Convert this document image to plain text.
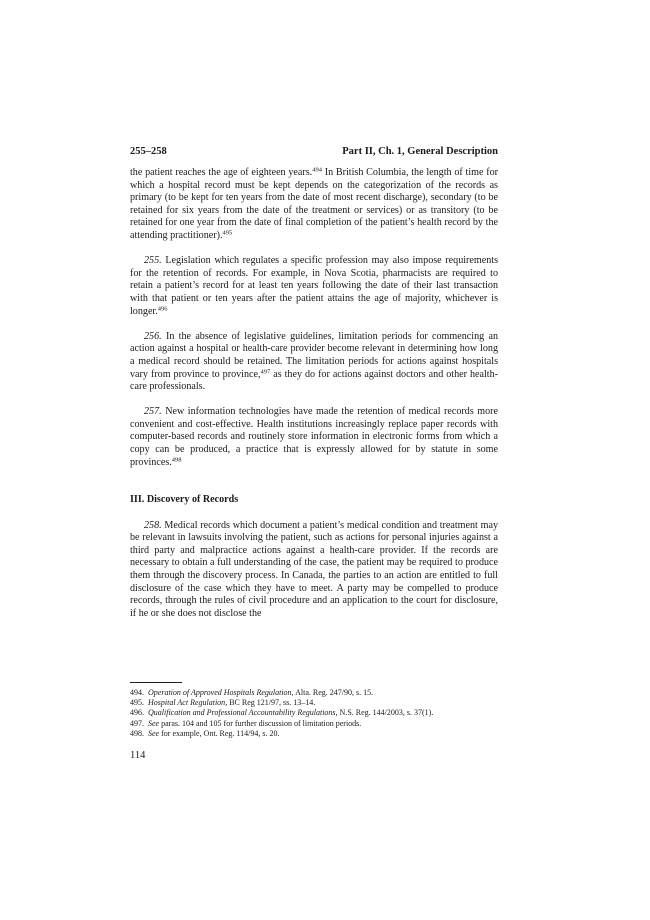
255–258	Part II, Ch. 1, General Description

the patient reaches the age of eighteen years.$^{494}$ In British Columbia, the length of time for which a hospital record must be kept depends on the categorization of the records as primary (to be kept for ten years from the date of most recent discharge), secondary (to be retained for six years from the date of the treatment or services) or as transitory (to be retained for one year from the date of final completion of the patient’s health record by the attending practitioner).$^{495}$

255. Legislation which regulates a specific profession may also impose requirements for the retention of records. For example, in Nova Scotia, pharmacists are required to retain a patient’s record for at least ten years following the date of their last transaction with that patient or ten years after the patient attains the age of majority, whichever is longer.$^{496}$

256. In the absence of legislative guidelines, limitation periods for commencing an action against a hospital or health-care provider become relevant in determining how long a medical record should be retained. The limitation periods for actions against hospitals vary from province to province,$^{497}$ as they do for actions against doctors and other health-care professionals.

257. New information technologies have made the retention of medical records more convenient and cost-effective. Health institutions increasingly replace paper records with computer-based records and routinely store information in electronic forms from which a copy can be produced, a practice that is expressly allowed for by statute in some provinces.$^{498}$

III. Discovery of Records

258. Medical records which document a patient’s medical condition and treatment may be relevant in lawsuits involving the patient, such as actions for personal injuries against a third party and malpractice actions against a health-care provider. If the records are necessary to obtain a full understanding of the case, the patient may be required to produce them through the discovery process. In Canada, the parties to an action are entitled to full disclosure of the case which they have to meet. A party may be compelled to produce records, through the rules of civil procedure and an application to the court for disclosure, if he or she does not disclose the

494. Operation of Approved Hospitals Regulation, Alta. Reg. 247/90, s. 15.

495. Hospital Act Regulation, BC Reg 121/97, ss. 13–14.

496. Qualification and Professional Accountability Regulations, N.S. Reg. 144/2003, s. 37(1).

497. See paras. 104 and 105 for further discussion of limitation periods.

498. See for example, Ont. Reg. 114/94, s. 20.

114
